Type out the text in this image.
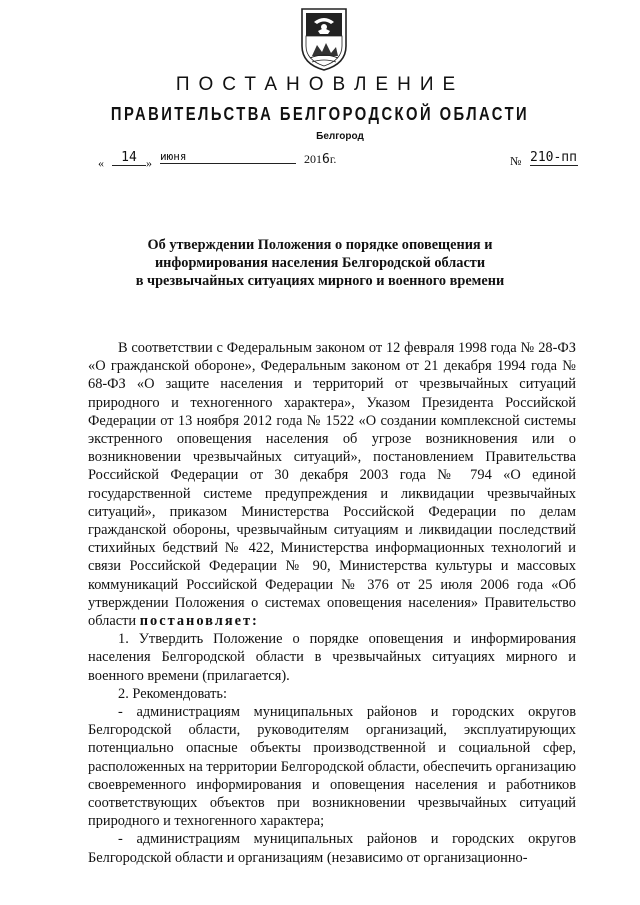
ПОСТАНОВЛЕНИЕ
ПРАВИТЕЛЬСТВА БЕЛГОРОДСКОЙ ОБЛАСТИ
Белгород
«	14 » июня	2016г.	№ 210-пп
Об утверждении Положения о порядке оповещения и
информирования населения Белгородской области
в чрезвычайных ситуациях мирного и военного времени

В соответствии с Федеральным законом от 12 февраля 1998 года № 28-ФЗ «О гражданской обороне», Федеральным законом от 21 декабря 1994 года № 68-ФЗ «О защите населения и территорий от чрезвычайных ситуаций природного и техногенного характера», Указом Президента Российской Федерации от 13 ноября 2012 года № 1522 «О создании комплексной системы экстренного оповещения населения об угрозе возникновения или о возникновении чрезвычайных ситуаций», постановлением Правительства Российской Федерации от 30 декабря 2003 года № 794 «О единой государственной системе предупреждения и ликвидации чрезвычайных ситуаций», приказом Министерства Российской Федерации по делам гражданской обороны, чрезвычайным ситуациям и ликвидации последствий стихийных бедствий № 422, Министерства информационных технологий и связи Российской Федерации № 90, Министерства культуры и массовых коммуникаций Российской Федерации № 376 от 25 июля 2006 года «Об утверждении Положения о системах оповещения населения» Правительство области постановляет:

1. Утвердить Положение о порядке оповещения и информирования населения Белгородской области в чрезвычайных ситуациях мирного и военного времени (прилагается).

2. Рекомендовать:

- администрациям муниципальных районов и городских округов Белгородской области, руководителям организаций, эксплуатирующих потенциально опасные объекты производственной и социальной сфер, расположенных на территории Белгородской области, обеспечить организацию своевременного информирования и оповещения населения и работников соответствующих объектов при возникновении чрезвычайных ситуаций природного и техногенного характера;

- администрациям муниципальных районов и городских округов Белгородской области и организациям (независимо от организационно-
